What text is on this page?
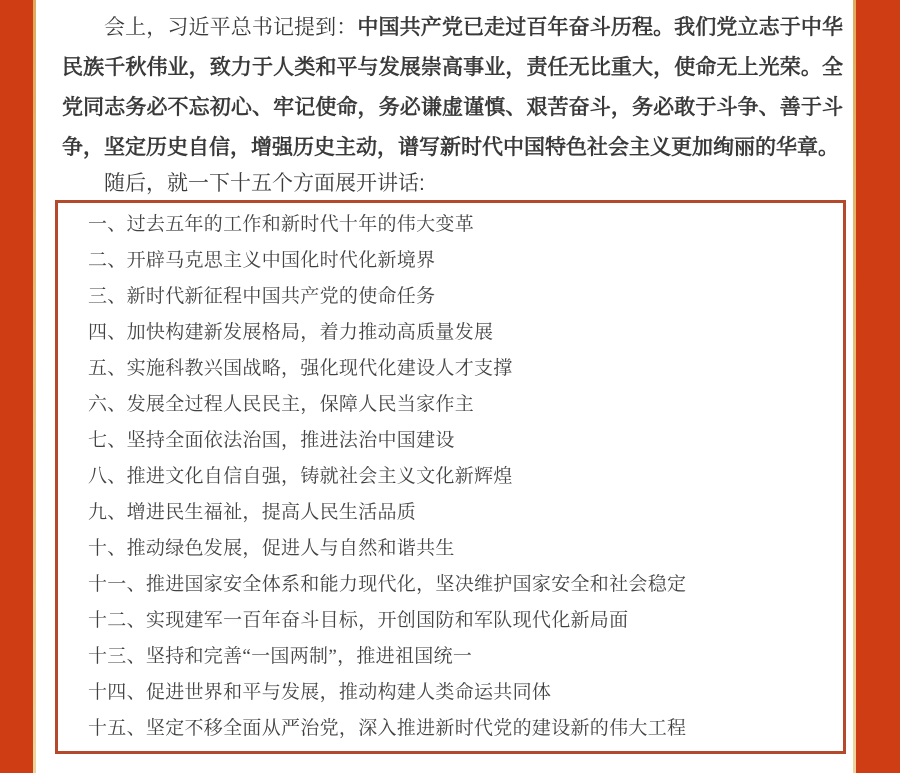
会上，习近平总书记提到：中国共产党已走过百年奋斗历程。我们党立志于中华民族千秋伟业，致力于人类和平与发展崇高事业，责任无比重大，使命无上光荣。全党同志务必不忘初心、牢记使命，务必谦虚谨慎、艰苦奋斗，务必敢于斗争、善于斗争，坚定历史自信，增强历史主动，谱写新时代中国特色社会主义更加绚丽的华章。

随后，就一下十五个方面展开讲话:

一、过去五年的工作和新时代十年的伟大变革
二、开辟马克思主义中国化时代化新境界
三、新时代新征程中国共产党的使命任务
四、加快构建新发展格局，着力推动高质量发展
五、实施科教兴国战略，强化现代化建设人才支撑
六、发展全过程人民民主，保障人民当家作主
七、坚持全面依法治国，推进法治中国建设
八、推进文化自信自强，铸就社会主义文化新辉煌
九、增进民生福祉，提高人民生活品质
十、推动绿色发展，促进人与自然和谐共生
十一、推进国家安全体系和能力现代化，坚决维护国家安全和社会稳定
十二、实现建军一百年奋斗目标，开创国防和军队现代化新局面
十三、坚持和完善“一国两制”，推进祖国统一
十四、促进世界和平与发展，推动构建人类命运共同体
十五、坚定不移全面从严治党，深入推进新时代党的建设新的伟大工程
